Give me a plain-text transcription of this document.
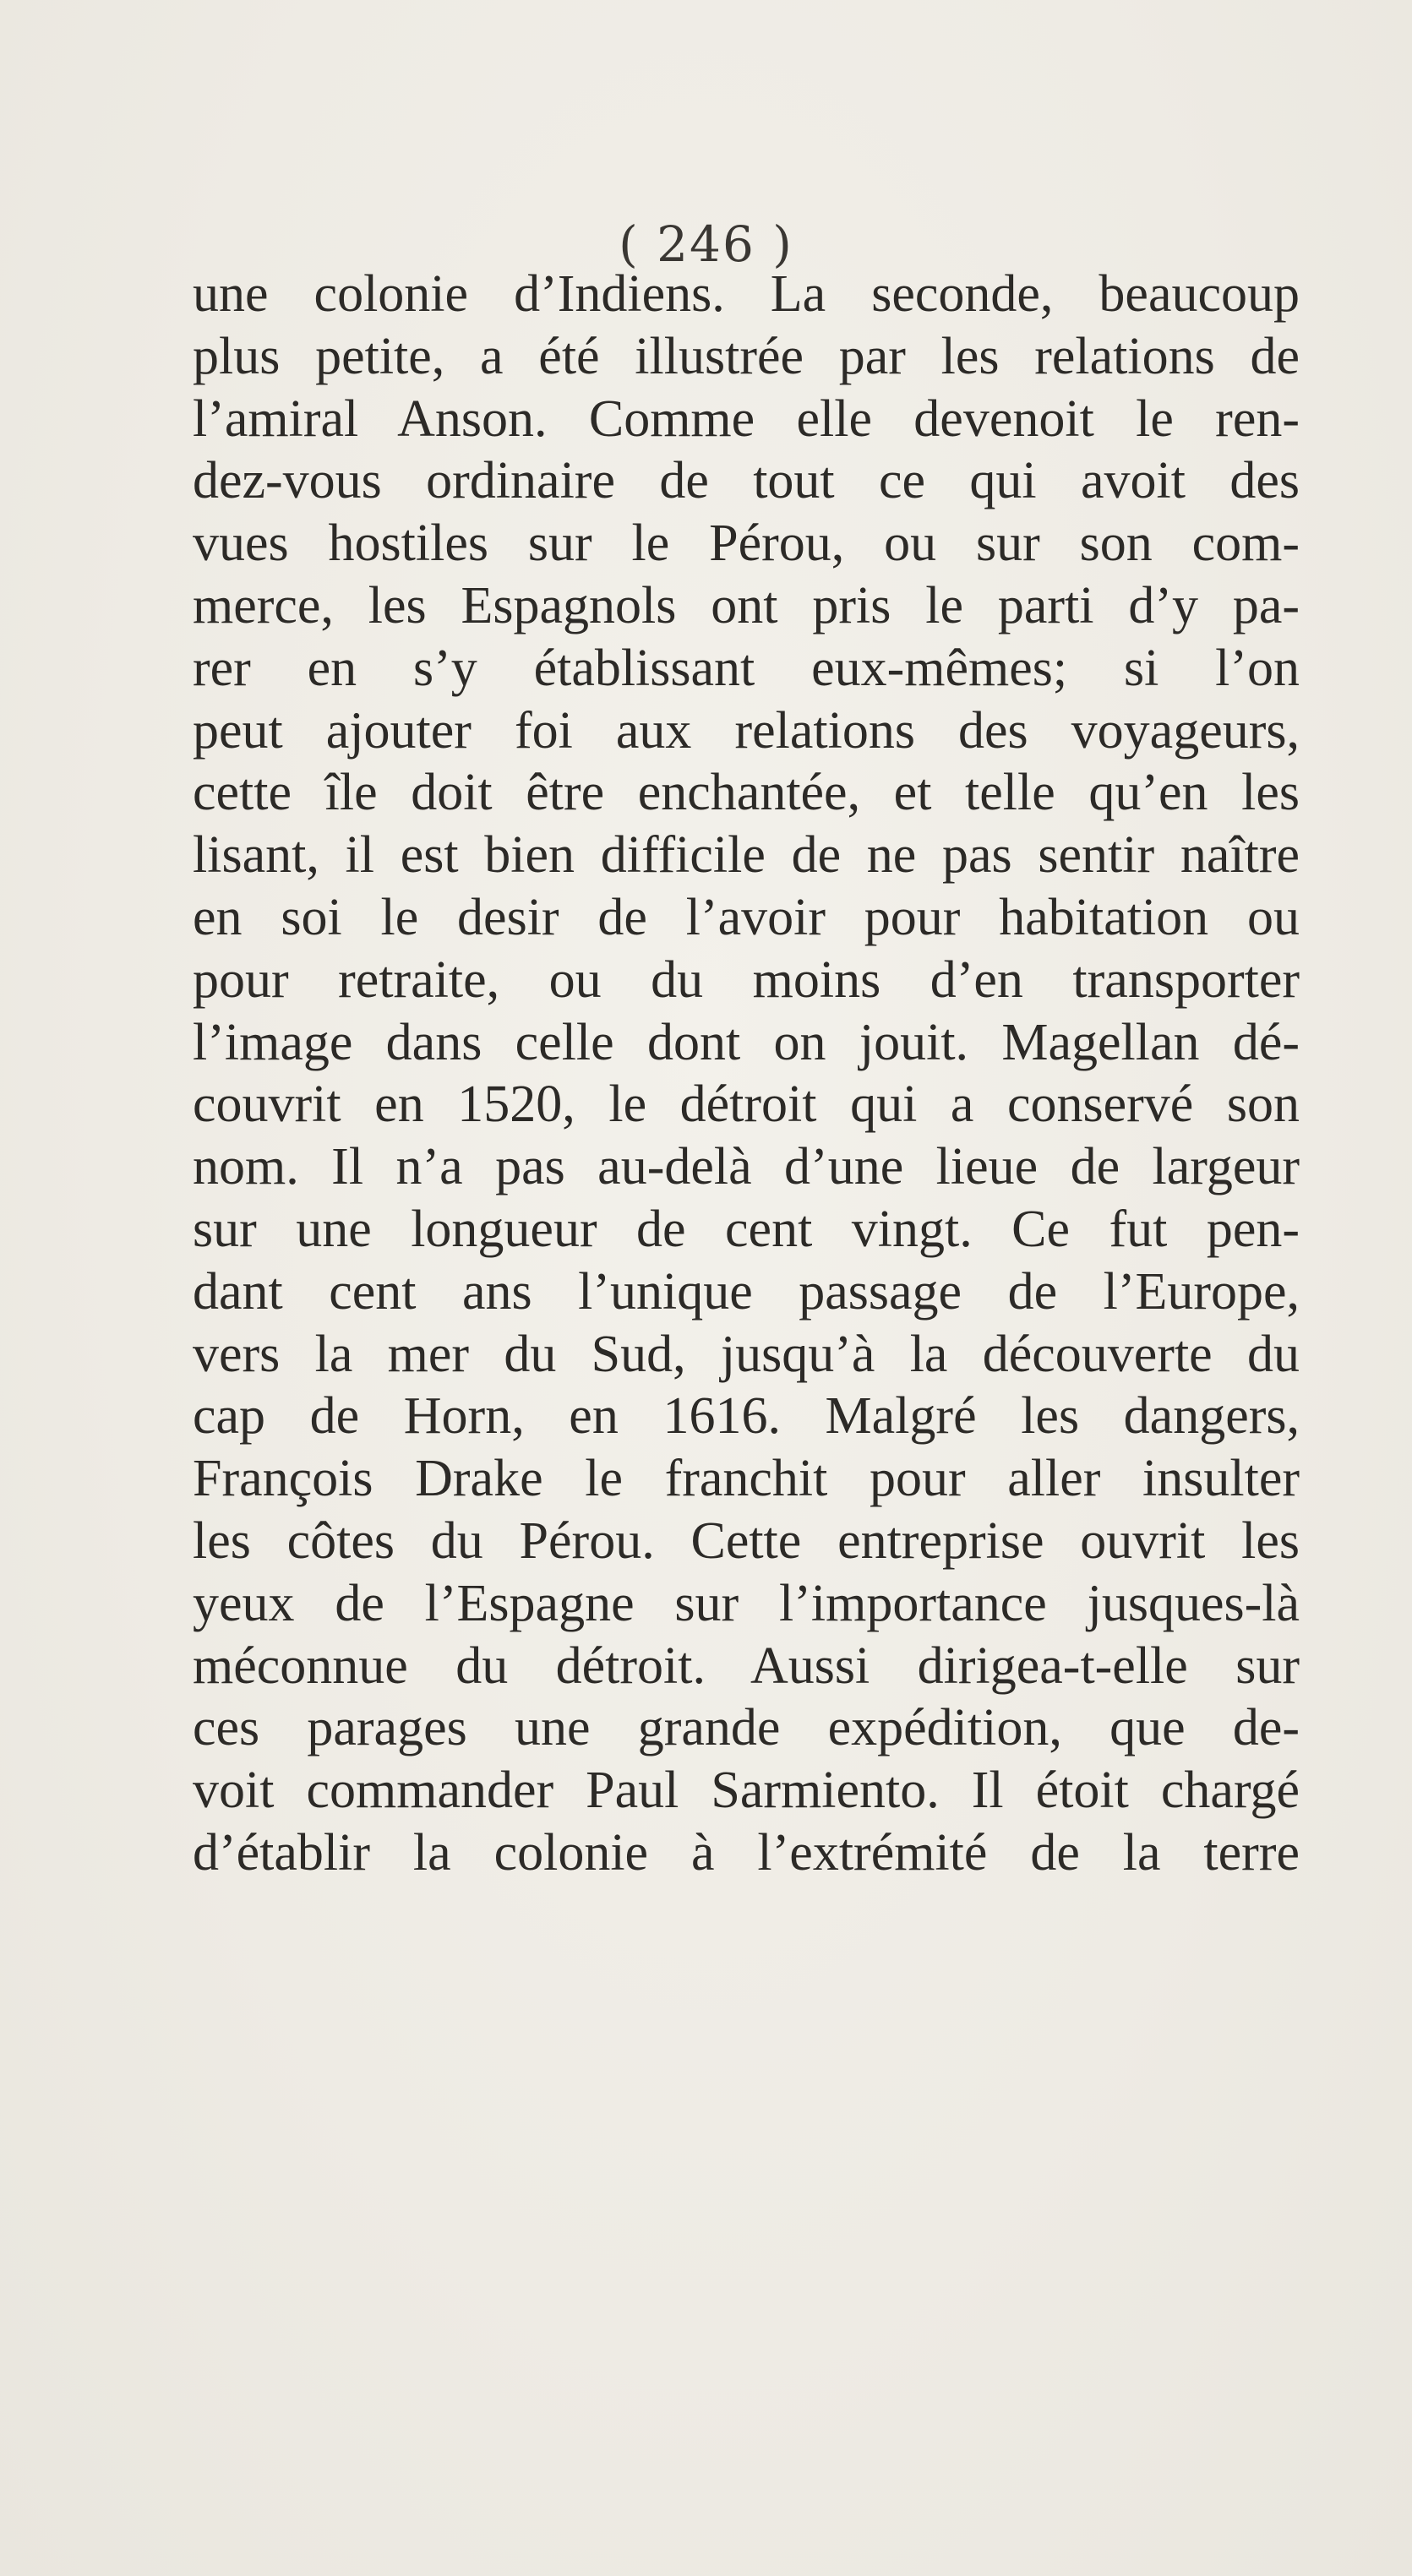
( 246 )
une colonie d’Indiens. La seconde, beaucoup
plus petite, a été illustrée par les relations de
l’amiral Anson. Comme elle devenoit le ren-
dez-vous ordinaire de tout ce qui avoit des
vues hostiles sur le Pérou, ou sur son com-
merce, les Espagnols ont pris le parti d’y pa-
rer en s’y établissant eux-mêmes; si l’on
peut ajouter foi aux relations des voyageurs,
cette île doit être enchantée, et telle qu’en les
lisant, il est bien difficile de ne pas sentir naître
en soi le desir de l’avoir pour habitation ou
pour retraite, ou du moins d’en transporter
l’image dans celle dont on jouit. Magellan dé-
couvrit en 1520, le détroit qui a conservé son
nom. Il n’a pas au-delà d’une lieue de largeur
sur une longueur de cent vingt. Ce fut pen-
dant cent ans l’unique passage de l’Europe,
vers la mer du Sud, jusqu’à la découverte du
cap de Horn, en 1616. Malgré les dangers,
François Drake le franchit pour aller insulter
les côtes du Pérou. Cette entreprise ouvrit les
yeux de l’Espagne sur l’importance jusques-là
méconnue du détroit. Aussi dirigea-t-elle sur
ces parages une grande expédition, que de-
voit commander Paul Sarmiento. Il étoit chargé
d’établir la colonie à l’extrémité de la terre
